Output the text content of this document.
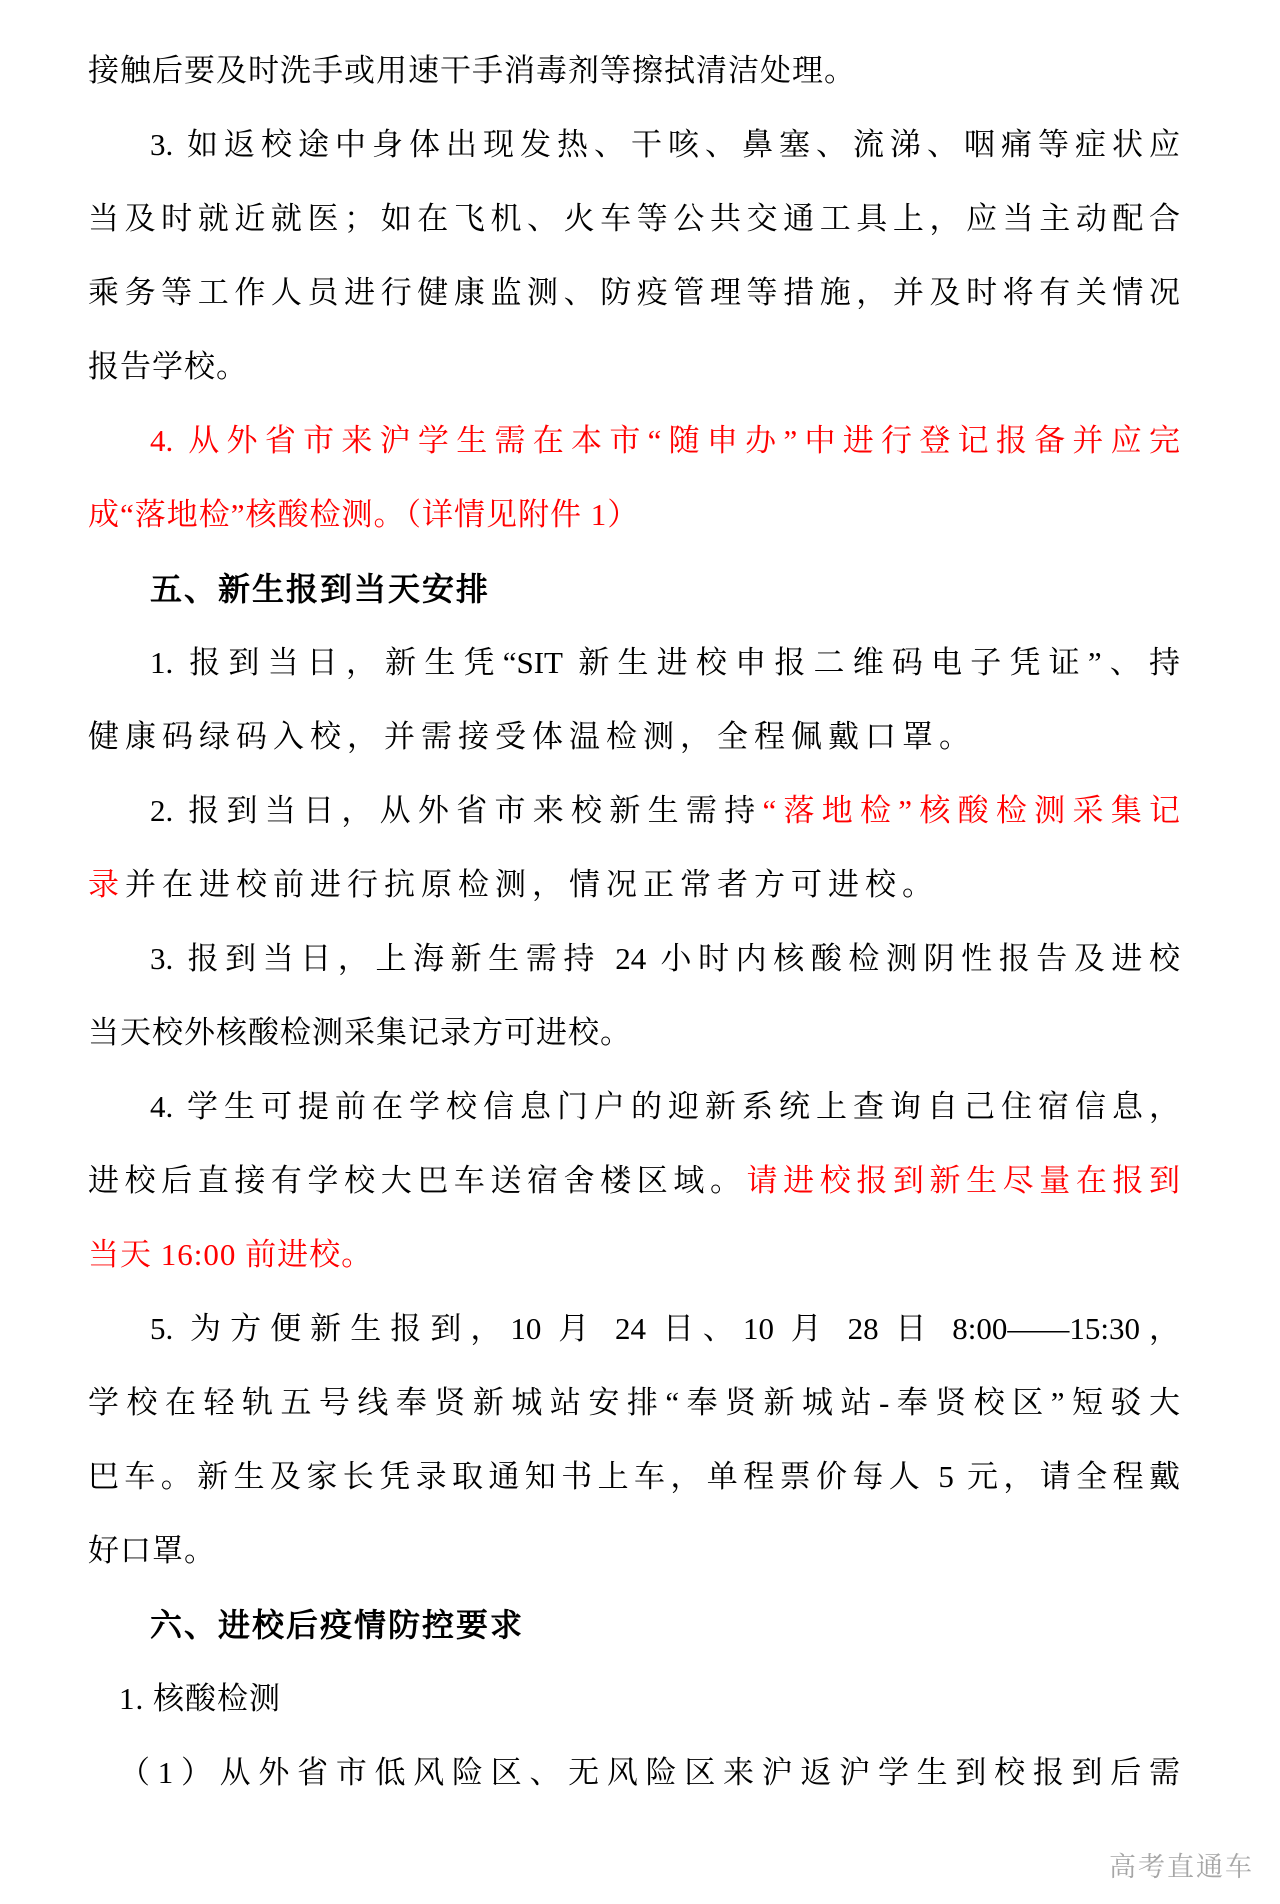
接触后要及时洗手或用速干手消毒剂等擦拭清洁处理。
3. 如返校途中身体出现发热、干咳、鼻塞、流涕、咽痛等症状应
当及时就近就医；如在飞机、火车等公共交通工具上，应当主动配合
乘务等工作人员进行健康监测、防疫管理等措施，并及时将有关情况
报告学校。
4. 从外省市来沪学生需在本市“随申办”中进行登记报备并应完
成“落地检”核酸检测。（详情见附件 1）
五、新生报到当天安排
1. 报到当日，新生凭“SIT 新生进校申报二维码电子凭证”、持
健康码绿码入校，并需接受体温检测，全程佩戴口罩。
2. 报到当日，从外省市来校新生需持“落地检”核酸检测采集记
录并在进校前进行抗原检测，情况正常者方可进校。
3. 报到当日，上海新生需持 24 小时内核酸检测阴性报告及进校
当天校外核酸检测采集记录方可进校。
4. 学生可提前在学校信息门户的迎新系统上查询自己住宿信息，
进校后直接有学校大巴车送宿舍楼区域。请进校报到新生尽量在报到
当天 16:00 前进校。
5. 为方便新生报到，10 月 24 日、10 月 28 日 8:00——15:30，
学校在轻轨五号线奉贤新城站安排“奉贤新城站-奉贤校区”短驳大
巴车。新生及家长凭录取通知书上车，单程票价每人 5 元，请全程戴
好口罩。
六、进校后疫情防控要求
1. 核酸检测
（1）从外省市低风险区、无风险区来沪返沪学生到校报到后需
高考直通车
